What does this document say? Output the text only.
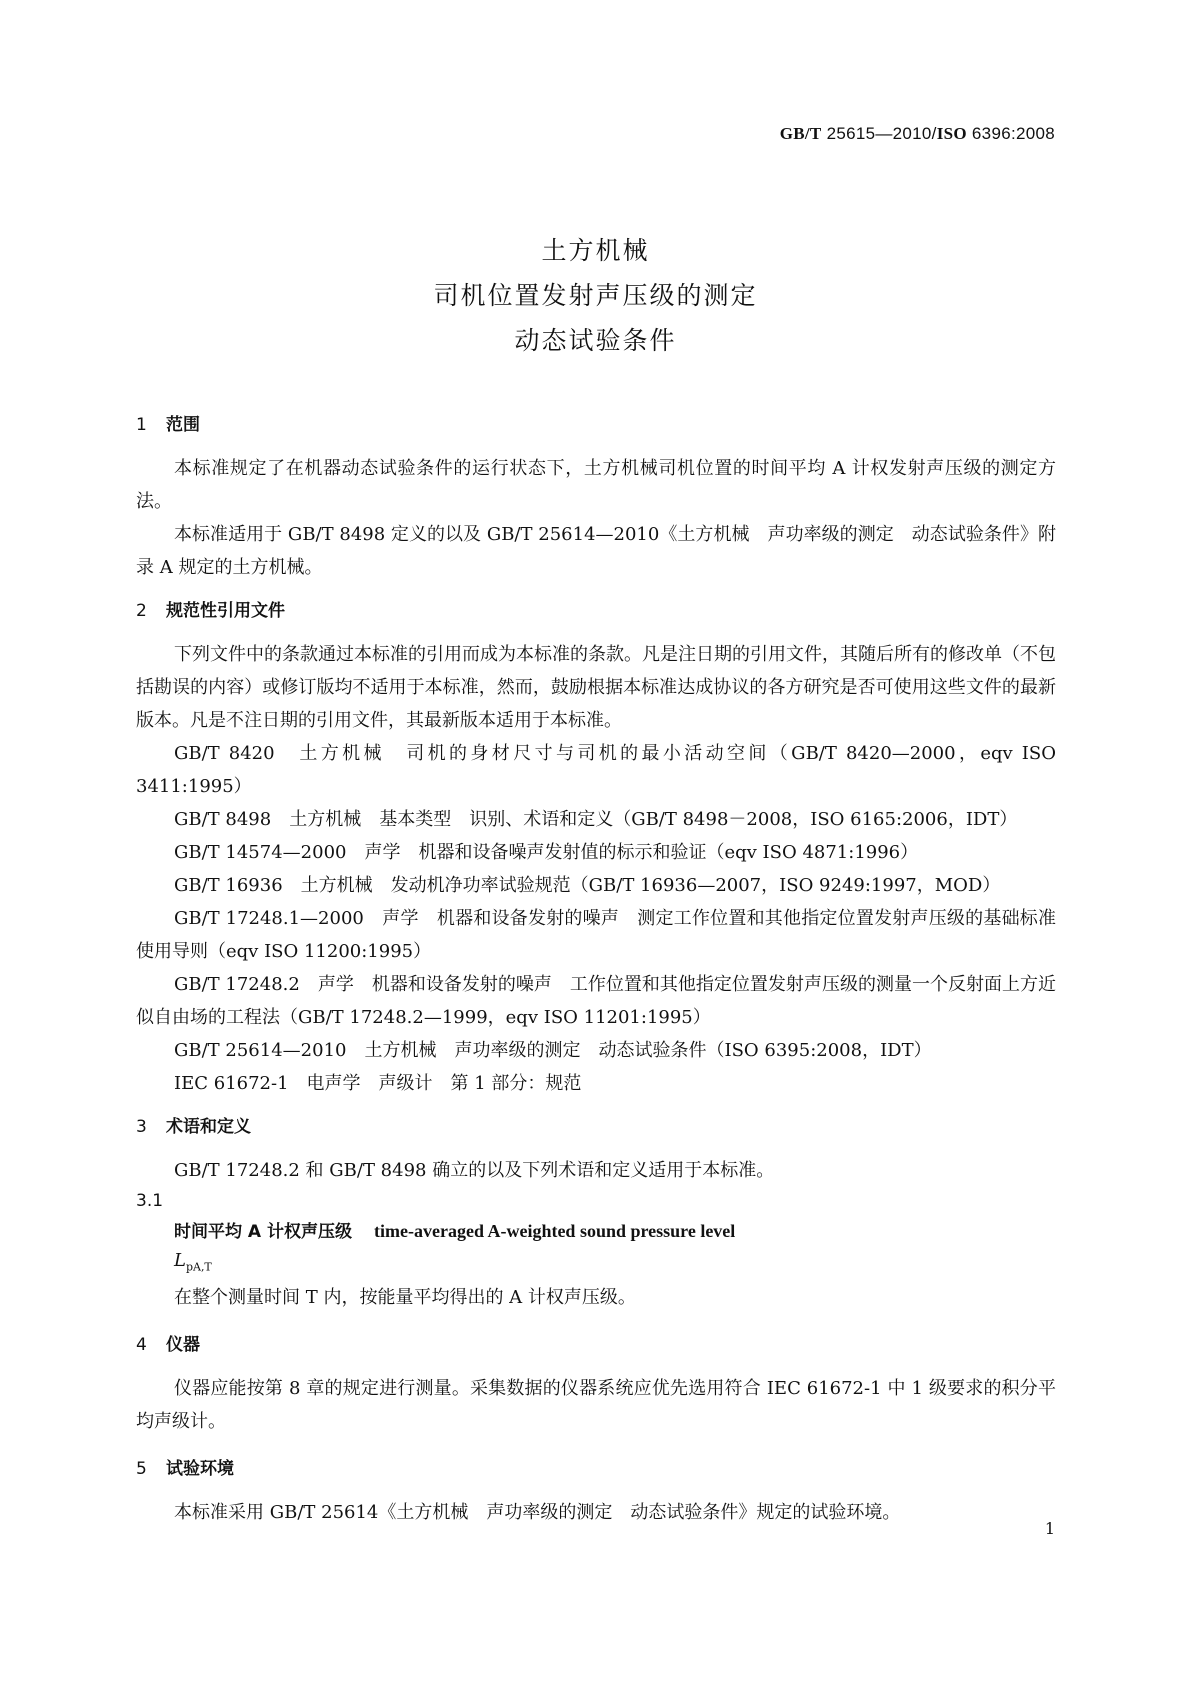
GB/T 25615—2010/ISO 6396:2008
土方机械
司机位置发射声压级的测定
动态试验条件
1 范围
本标准规定了在机器动态试验条件的运行状态下，土方机械司机位置的时间平均 A 计权发射声压级的测定方法。
本标准适用于 GB/T 8498 定义的以及 GB/T 25614—2010《土方机械　声功率级的测定　动态试验条件》附录 A 规定的土方机械。
2 规范性引用文件
下列文件中的条款通过本标准的引用而成为本标准的条款。凡是注日期的引用文件，其随后所有的修改单（不包括勘误的内容）或修订版均不适用于本标准，然而，鼓励根据本标准达成协议的各方研究是否可使用这些文件的最新版本。凡是不注日期的引用文件，其最新版本适用于本标准。
GB/T 8420　土方机械　司机的身材尺寸与司机的最小活动空间（GB/T 8420—2000，eqv ISO 3411:1995）
GB/T 8498　土方机械　基本类型　识别、术语和定义（GB/T 8498－2008，ISO 6165:2006，IDT）
GB/T 14574—2000　声学　机器和设备噪声发射值的标示和验证（eqv ISO 4871:1996）
GB/T 16936　土方机械　发动机净功率试验规范（GB/T 16936—2007，ISO 9249:1997，MOD）
GB/T 17248.1—2000　声学　机器和设备发射的噪声　测定工作位置和其他指定位置发射声压级的基础标准使用导则（eqv ISO 11200:1995）
GB/T 17248.2　声学　机器和设备发射的噪声　工作位置和其他指定位置发射声压级的测量一个反射面上方近似自由场的工程法（GB/T 17248.2—1999，eqv ISO 11201:1995）
GB/T 25614—2010　土方机械　声功率级的测定　动态试验条件（ISO 6395:2008，IDT）
IEC 61672-1　电声学　声级计　第 1 部分：规范
3 术语和定义
GB/T 17248.2 和 GB/T 8498 确立的以及下列术语和定义适用于本标准。
3.1
时间平均 A 计权声压级 time-averaged A-weighted sound pressure level
$L_{pA,T}$
在整个测量时间 T 内，按能量平均得出的 A 计权声压级。
4 仪器
仪器应能按第 8 章的规定进行测量。采集数据的仪器系统应优先选用符合 IEC 61672-1 中 1 级要求的积分平均声级计。
5 试验环境
本标准采用 GB/T 25614《土方机械　声功率级的测定　动态试验条件》规定的试验环境。
1
